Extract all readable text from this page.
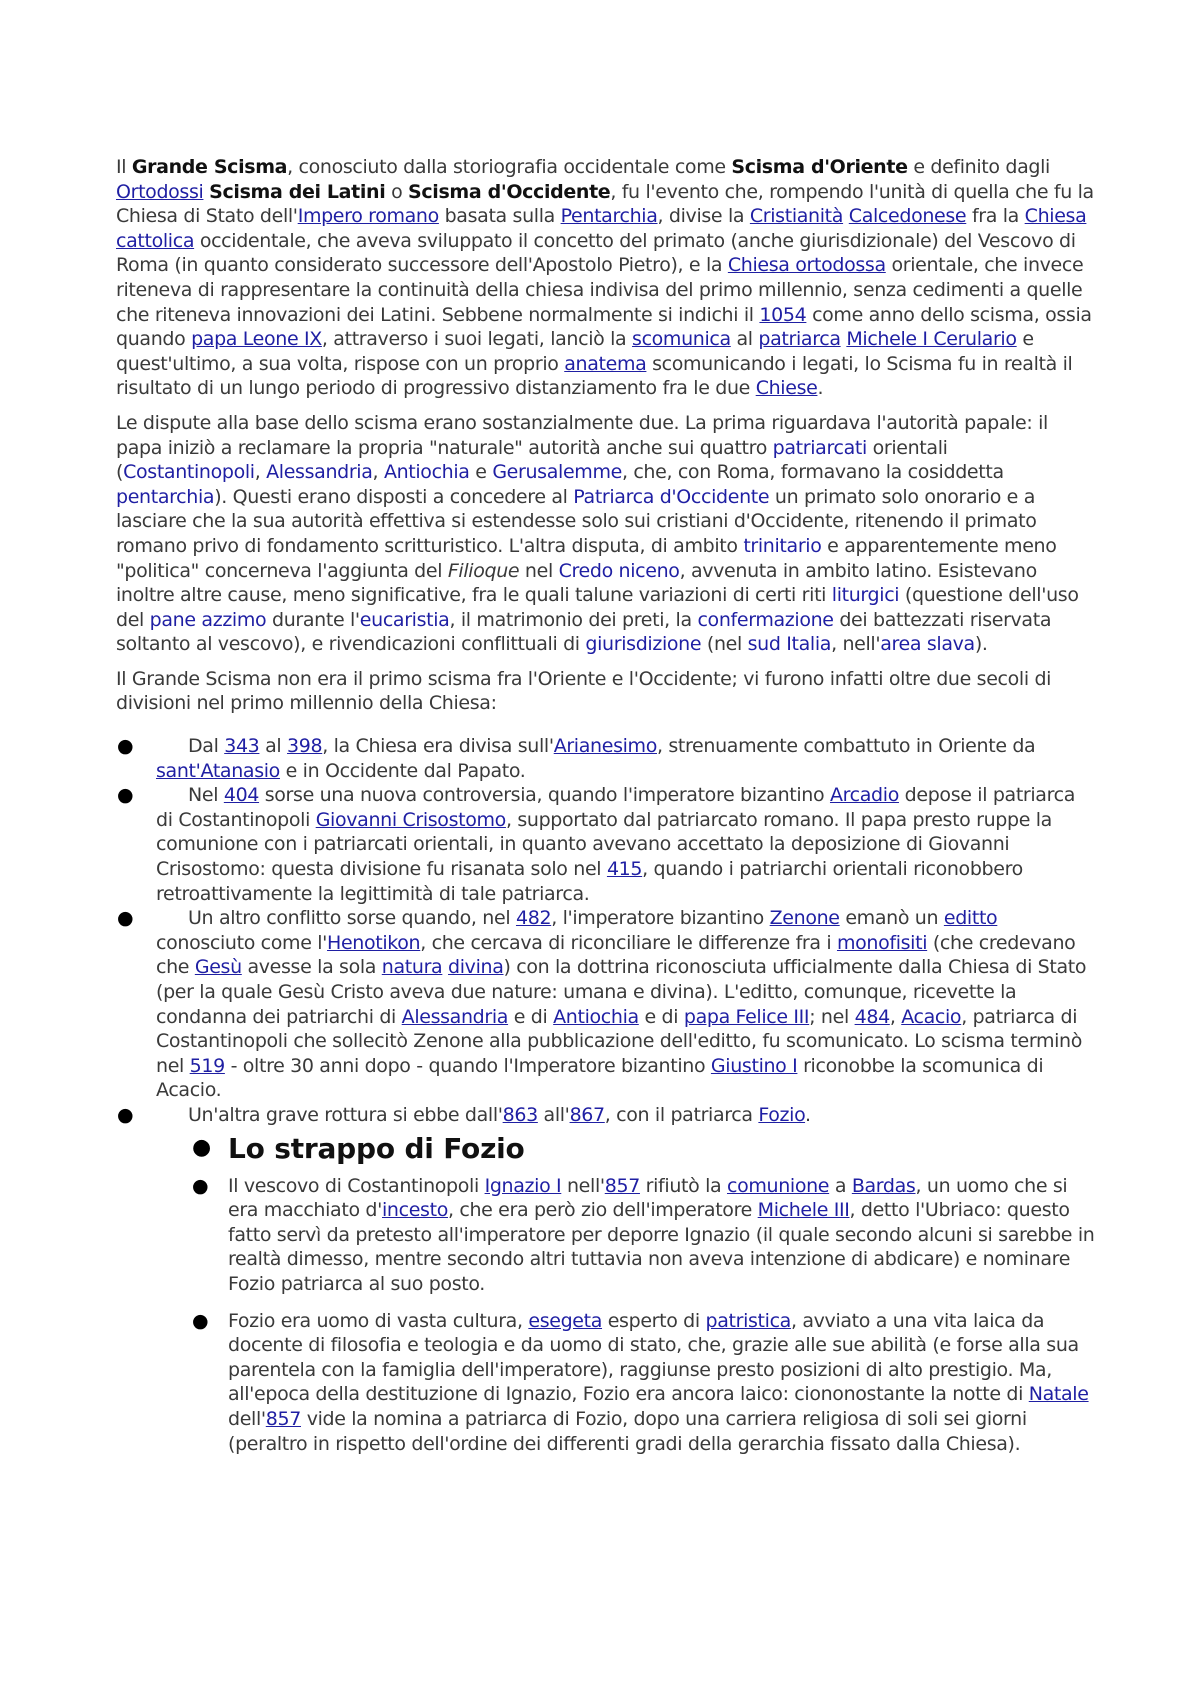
Il Grande Scisma, conosciuto dalla storiografia occidentale come Scisma d'Oriente e definito dagli Ortodossi Scisma dei Latini o Scisma d'Occidente, fu l'evento che, rompendo l'unità di quella che fu la Chiesa di Stato dell'Impero romano basata sulla Pentarchia, divise la Cristianità Calcedonese fra la Chiesa cattolica occidentale, che aveva sviluppato il concetto del primato (anche giurisdizionale) del Vescovo di Roma (in quanto considerato successore dell'Apostolo Pietro), e la Chiesa ortodossa orientale, che invece riteneva di rappresentare la continuità della chiesa indivisa del primo millennio, senza cedimenti a quelle che riteneva innovazioni dei Latini. Sebbene normalmente si indichi il 1054 come anno dello scisma, ossia quando papa Leone IX, attraverso i suoi legati, lanciò la scomunica al patriarca Michele I Cerulario e quest'ultimo, a sua volta, rispose con un proprio anatema scomunicando i legati, lo Scisma fu in realtà il risultato di un lungo periodo di progressivo distanziamento fra le due Chiese.

Le dispute alla base dello scisma erano sostanzialmente due. La prima riguardava l'autorità papale: il papa iniziò a reclamare la propria "naturale" autorità anche sui quattro patriarcati orientali (Costantinopoli, Alessandria, Antiochia e Gerusalemme, che, con Roma, formavano la cosiddetta pentarchia). Questi erano disposti a concedere al Patriarca d'Occidente un primato solo onorario e a lasciare che la sua autorità effettiva si estendesse solo sui cristiani d'Occidente, ritenendo il primato romano privo di fondamento scritturistico. L'altra disputa, di ambito trinitario e apparentemente meno "politica" concerneva l'aggiunta del Filioque nel Credo niceno, avvenuta in ambito latino. Esistevano inoltre altre cause, meno significative, fra le quali talune variazioni di certi riti liturgici (questione dell'uso del pane azzimo durante l'eucaristia, il matrimonio dei preti, la confermazione dei battezzati riservata soltanto al vescovo), e rivendicazioni conflittuali di giurisdizione (nel sud Italia, nell'area slava).

Il Grande Scisma non era il primo scisma fra l'Oriente e l'Occidente; vi furono infatti oltre due secoli di divisioni nel primo millennio della Chiesa:

●	Dal 343 al 398, la Chiesa era divisa sull'Arianesimo, strenuamente combattuto in Oriente da sant'Atanasio e in Occidente dal Papato.
●	Nel 404 sorse una nuova controversia, quando l'imperatore bizantino Arcadio depose il patriarca di Costantinopoli Giovanni Crisostomo, supportato dal patriarcato romano. Il papa presto ruppe la comunione con i patriarcati orientali, in quanto avevano accettato la deposizione di Giovanni Crisostomo: questa divisione fu risanata solo nel 415, quando i patriarchi orientali riconobbero retroattivamente la legittimità di tale patriarca.
●	Un altro conflitto sorse quando, nel 482, l'imperatore bizantino Zenone emanò un editto conosciuto come l'Henotikon, che cercava di riconciliare le differenze fra i monofisiti (che credevano che Gesù avesse la sola natura divina) con la dottrina riconosciuta ufficialmente dalla Chiesa di Stato (per la quale Gesù Cristo aveva due nature: umana e divina). L'editto, comunque, ricevette la condanna dei patriarchi di Alessandria e di Antiochia e di papa Felice III; nel 484, Acacio, patriarca di Costantinopoli che sollecitò Zenone alla pubblicazione dell'editto, fu scomunicato. Lo scisma terminò nel 519 - oltre 30 anni dopo - quando l'Imperatore bizantino Giustino I riconobbe la scomunica di Acacio.
●	Un'altra grave rottura si ebbe dall'863 all'867, con il patriarca Fozio.
● Lo strappo di Fozio
● Il vescovo di Costantinopoli Ignazio I nell'857 rifiutò la comunione a Bardas, un uomo che si era macchiato d'incesto, che era però zio dell'imperatore Michele III, detto l'Ubriaco: questo fatto servì da pretesto all'imperatore per deporre Ignazio (il quale secondo alcuni si sarebbe in realtà dimesso, mentre secondo altri tuttavia non aveva intenzione di abdicare) e nominare Fozio patriarca al suo posto.
● Fozio era uomo di vasta cultura, esegeta esperto di patristica, avviato a una vita laica da docente di filosofia e teologia e da uomo di stato, che, grazie alle sue abilità (e forse alla sua parentela con la famiglia dell'imperatore), raggiunse presto posizioni di alto prestigio. Ma, all'epoca della destituzione di Ignazio, Fozio era ancora laico: ciononostante la notte di Natale dell'857 vide la nomina a patriarca di Fozio, dopo una carriera religiosa di soli sei giorni (peraltro in rispetto dell'ordine dei differenti gradi della gerarchia fissato dalla Chiesa).
